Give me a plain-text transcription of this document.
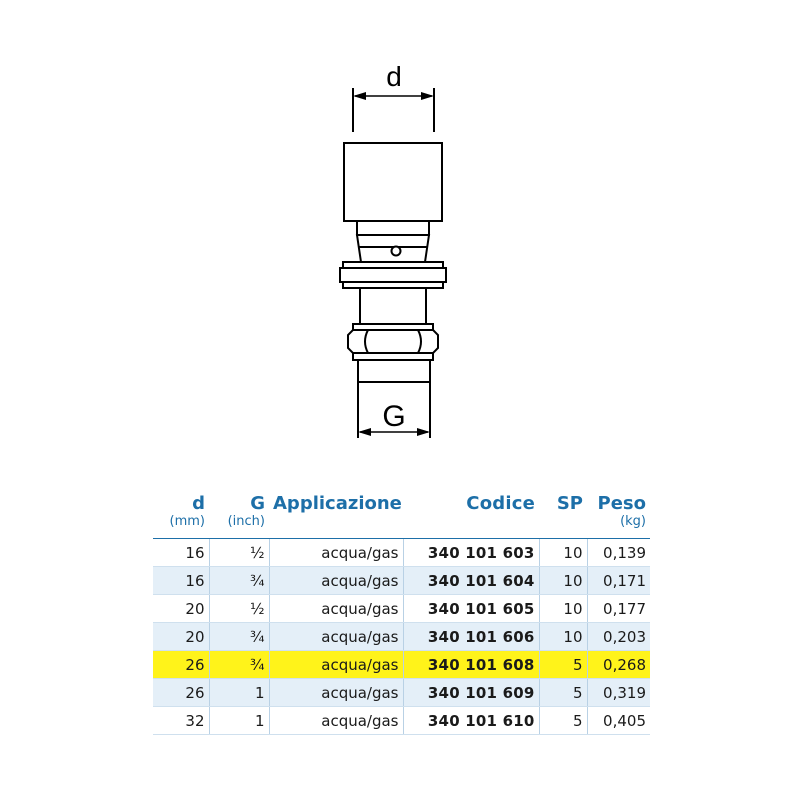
d
G
d	G	Applicazione	Codice	SP	Peso
(mm)	(inch)				(kg)
16	½	acqua/gas	340 101 603	10	0,139
16	¾	acqua/gas	340 101 604	10	0,171
20	½	acqua/gas	340 101 605	10	0,177
20	¾	acqua/gas	340 101 606	10	0,203
26	¾	acqua/gas	340 101 608	5	0,268
26	1	acqua/gas	340 101 609	5	0,319
32	1	acqua/gas	340 101 610	5	0,405
